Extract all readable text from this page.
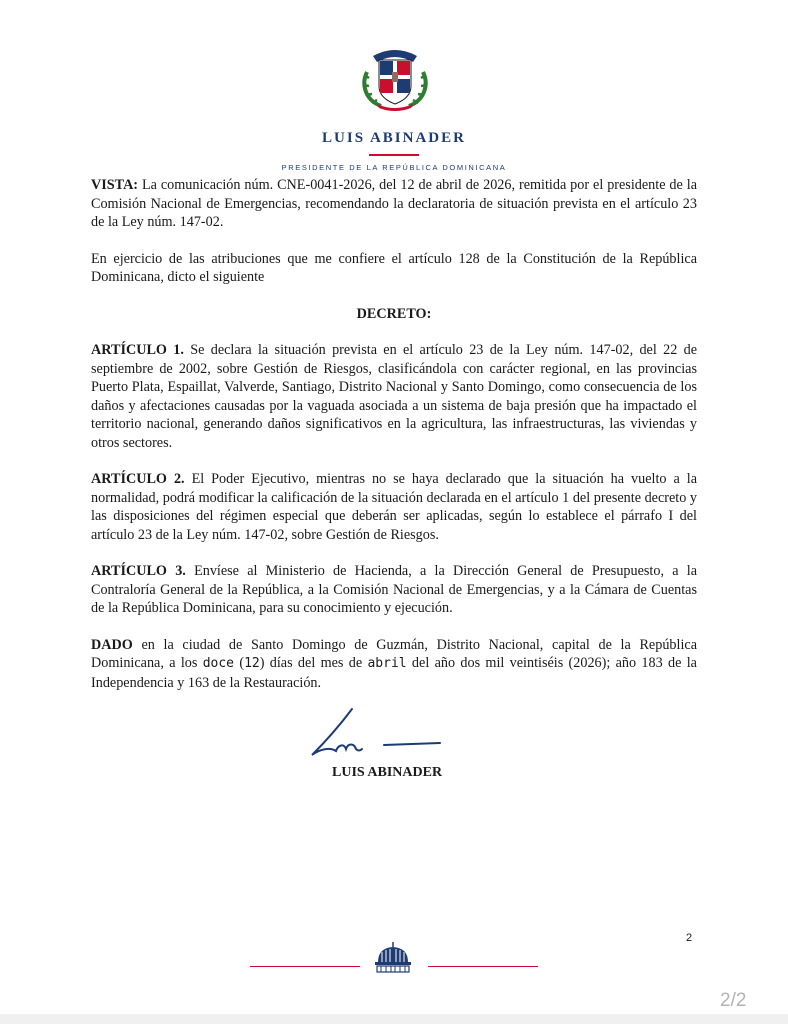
LUIS ABINADER
PRESIDENTE DE LA REPÚBLICA DOMINICANA

VISTA: La comunicación núm. CNE-0041-2026, del 12 de abril de 2026, remitida por el presidente de la Comisión Nacional de Emergencias, recomendando la declaratoria de situación prevista en el artículo 23 de la Ley núm. 147-02.

En ejercicio de las atribuciones que me confiere el artículo 128 de la Constitución de la República Dominicana, dicto el siguiente

DECRETO:

ARTÍCULO 1. Se declara la situación prevista en el artículo 23 de la Ley núm. 147-02, del 22 de septiembre de 2002, sobre Gestión de Riesgos, clasificándola con carácter regional, en las provincias Puerto Plata, Espaillat, Valverde, Santiago, Distrito Nacional y Santo Domingo, como consecuencia de los daños y afectaciones causadas por la vaguada asociada a un sistema de baja presión que ha impactado el territorio nacional, generando daños significativos en la agricultura, las infraestructuras, las viviendas y otros sectores.

ARTÍCULO 2. El Poder Ejecutivo, mientras no se haya declarado que la situación ha vuelto a la normalidad, podrá modificar la calificación de la situación declarada en el artículo 1 del presente decreto y las disposiciones del régimen especial que deberán ser aplicadas, según lo establece el párrafo I del artículo 23 de la Ley núm. 147-02, sobre Gestión de Riesgos.

ARTÍCULO 3. Envíese al Ministerio de Hacienda, a la Dirección General de Presupuesto, a la Contraloría General de la República, a la Comisión Nacional de Emergencias, y a la Cámara de Cuentas de la República Dominicana, para su conocimiento y ejecución.

DADO en la ciudad de Santo Domingo de Guzmán, Distrito Nacional, capital de la República Dominicana, a los doce (12) días del mes de abril del año dos mil veintiséis (2026); año 183 de la Independencia y 163 de la Restauración.

LUIS ABINADER
2
2/2
